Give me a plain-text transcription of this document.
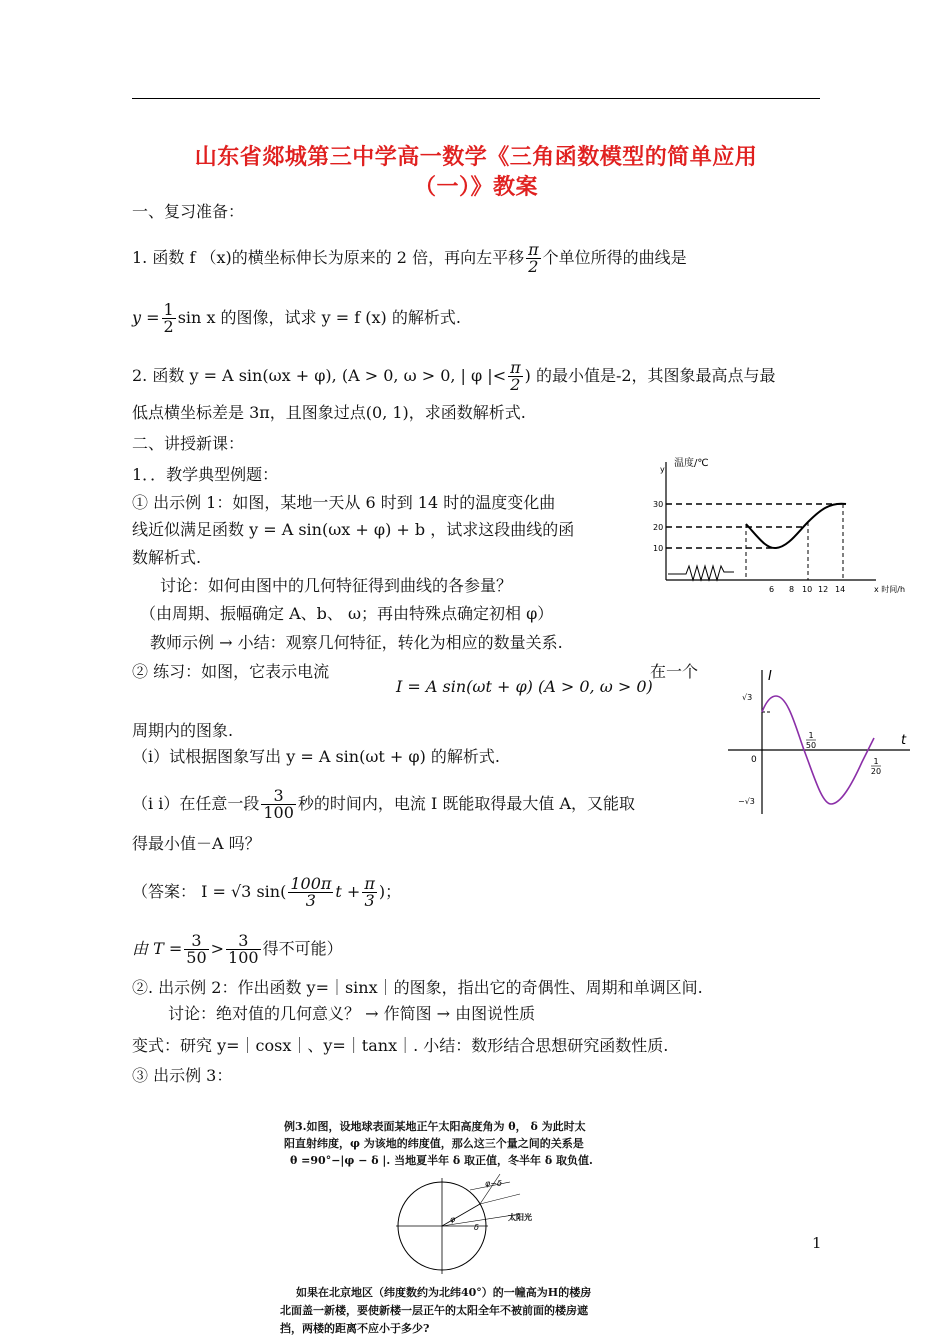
山东省郯城第三中学高一数学《三角函数模型的简单应用
（一）》教案
一、复习准备：
1. 函数 f （x)的横坐标伸长为原来的 2 倍，再向左平移 $\frac{\pi}{2}$ 个单位所得的曲线是
$y = \frac{1}{2}$ sin x 的图像，试求 y = f (x) 的解析式.
2. 函数 y = A sin(ωx + φ), (A > 0, ω > 0, | φ |< $\frac{\pi}{2}$ ) 的最小值是-2，其图象最高点与最
低点横坐标差是 3π，且图象过点(0, 1)，求函数解析式.
二、讲授新课：
1．．教学典型例题：
① 出示例 1：如图，某地一天从 6 时到 14 时的温度变化曲
线近似满足函数 y = A sin(ωx + φ) + b ，试求这段曲线的函
数解析式.
讨论：如何由图中的几何特征得到曲线的各参量？
（由周期、振幅确定 A、b、 ω；再由特殊点确定初相 φ）
教师示例 → 小结：观察几何特征，转化为相应的数量关系.
y
温度/℃
30
20
10
6 8 10 12 14	x 时间/h
② 练习：如图，它表示电流
I = A sin(ωt + φ) (A > 0, ω > 0)
在一个
周期内的图象.
（i）试根据图象写出 y = A sin(ωt + φ) 的解析式.
I
t
√3
−√3
0
1
50
1
20
（i i）在任意一段 $\frac{3}{100}$ 秒的时间内，电流 I 既能取得最大值 A，又能取
得最小值－A 吗？
（答案： I = √3 $\sin( \frac{100\pi}{3}$ $t + \frac{\pi}{3}$ )；
由 $T = \frac{3}{50} > \frac{3}{100}$ 得不可能）
②. 出示例 2：作出函数 y=｜sinx｜的图象，指出它的奇偶性、周期和单调区间.
讨论：绝对值的几何意义？ → 作简图 → 由图说性质
变式：研究 y=｜cosx｜、y=｜tanx｜. 小结：数形结合思想研究函数性质.
③ 出示例 3：
例3.如图，设地球表面某地正午太阳高度角为 θ， δ 为此时太
阳直射纬度，φ 为该地的纬度值，那么这三个量之间的关系是
θ =90°−|φ − δ |. 当地夏半年 δ 取正值，冬半年 δ 取负值.
φ−δ
φ
δ
太阳光
1
如果在北京地区（纬度数约为北纬40°）的一幢高为H的楼房
北面盖一新楼，要使新楼一层正午的太阳全年不被前面的楼房遮
挡，两楼的距离不应小于多少?
